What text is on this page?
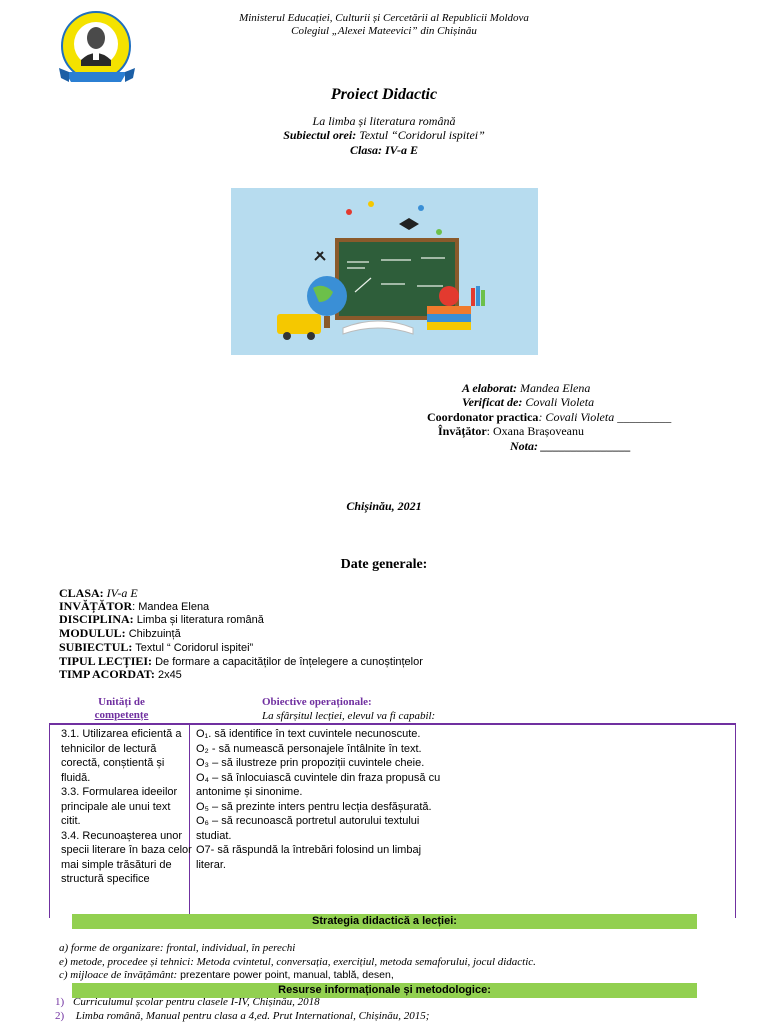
Ministerul Educației, Culturii și Cercetării al Republicii Moldova
Colegiul „Alexei Mateevici” din Chișinău
Proiect Didactic
La limba și literatura română
Subiectul orei: Textul “Coridorul ispitei”
Clasa: IV-a E
A elaborat: Mandea Elena
Verificat de: Covali Violeta
Coordonator practica: Covali Violeta _________
Învățător: Oxana Brașoveanu
Nota: _______________
Chișinău, 2021
Date generale:
CLASA: IV-a E
INVĂȚĂTOR: Mandea Elena
DISCIPLINA: Limba și literatura română
MODULUL: Chibzuință
SUBIECTUL: Textul “ Coridorul ispitei”
TIPUL LECȚIEI: De formare a capacităților de înțelegere a cunoștințelor
TIMP ACORDAT: 2x45
Unități de
competențe
Obiective operaționale:
La sfârșitul lecției, elevul va fi capabil:
3.1. Utilizarea eficientă a tehnicilor de lectură corectă, conștientă și fluidă.
3.3. Formularea ideeilor principale ale unui text citit.
3.4. Recunoașterea unor specii literare în baza celor mai simple trăsături de structură specifice
O₁. să identifice în text cuvintele necunoscute.
O₂ - să numească personajele întâlnite în text.
O₃ – să ilustreze prin propoziții cuvintele cheie.
O₄ – să înlocuiască cuvintele din fraza propusă cu antonime și sinonime.
O₅ – să prezinte inters pentru lecția desfășurată.
O₆ – să recunoască portretul autorului textului studiat.
O7- să răspundă la întrebări folosind un limbaj literar.
Strategia didactică a lecției:
a) forme de organizare: frontal, individual, în perechi
e) metode, procedee și tehnici: Metoda cvintetul, conversația, exercițiul, metoda semaforului, jocul didactic.
c) mijloace de învățământ: prezentare power point, manual, tablă, desen,
Resurse informaționale și metodologice:
1) Curriculumul școlar pentru clasele I-IV, Chișinău, 2018
2) Limba română, Manual pentru clasa a 4,ed. Prut International, Chișinău, 2015;
